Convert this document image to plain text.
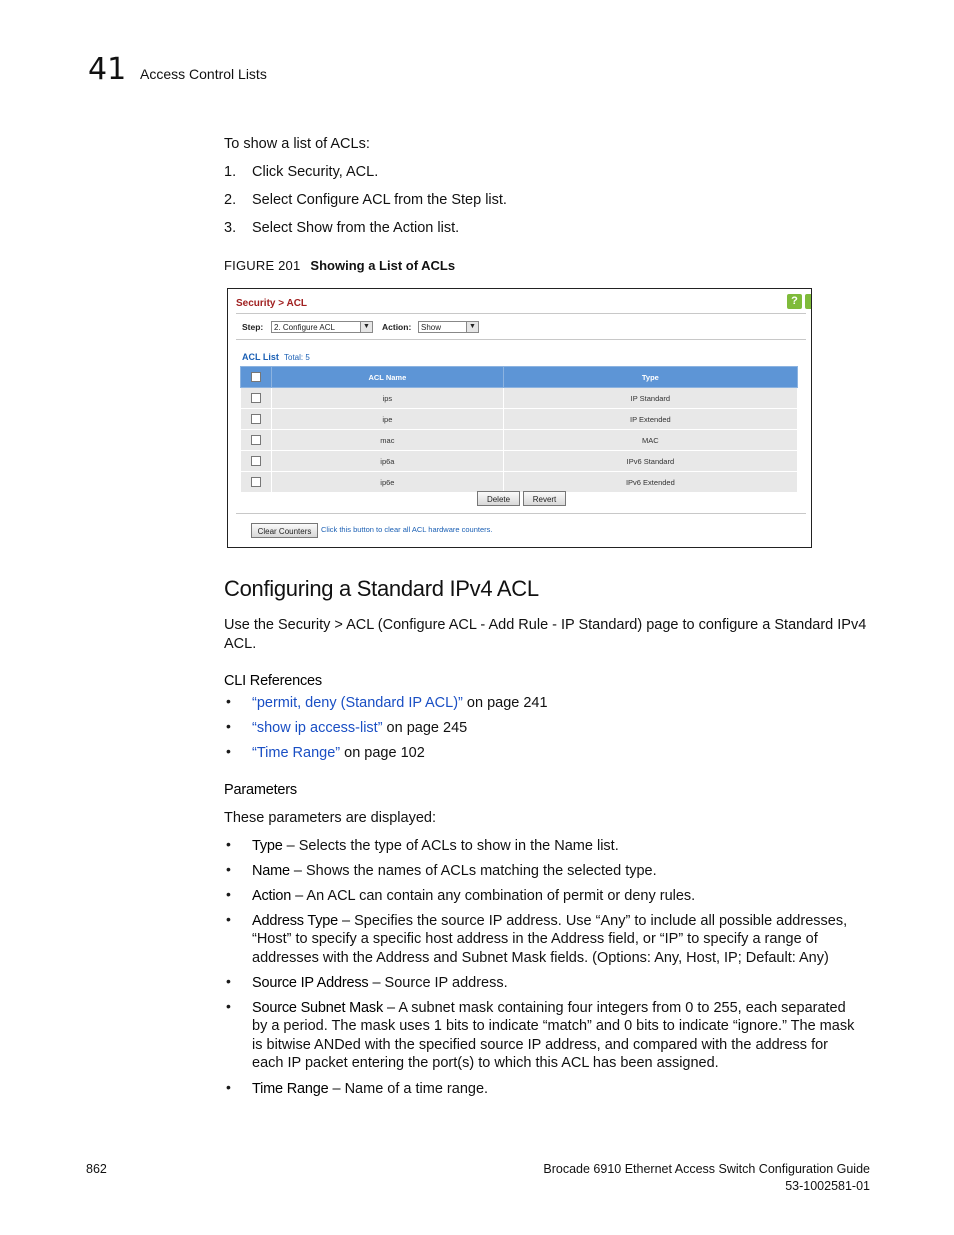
41 Access Control Lists
To show a list of ACLs:
1. Click Security, ACL.
2. Select Configure ACL from the Step list.
3. Select Show from the Action list.
FIGURE 201 Showing a List of ACLs
Security > ACL	?
Step:	2. Configure ACL	▼ Action:	Show	▼
ACL List Total: 5
	ACL Name	Type
	ips	IP Standard
	ipe	IP Extended
	mac	MAC
	ip6a	IPv6 Standard
	ip6e	IPv6 Extended
Delete	Revert
Clear Counters	Click this button to clear all ACL hardware counters.
Configuring a Standard IPv4 ACL
Use the Security > ACL (Configure ACL - Add Rule - IP Standard) page to configure a Standard IPv4
ACL.
CLI References
• “permit, deny (Standard IP ACL)” on page 241
• “show ip access-list” on page 245
• “Time Range” on page 102
Parameters
These parameters are displayed:
• Type – Selects the type of ACLs to show in the Name list.
• Name – Shows the names of ACLs matching the selected type.
• Action – An ACL can contain any combination of permit or deny rules.
• Address Type – Specifies the source IP address. Use “Any” to include all possible addresses,
“Host” to specify a specific host address in the Address field, or “IP” to specify a range of
addresses with the Address and Subnet Mask fields. (Options: Any, Host, IP; Default: Any)
• Source IP Address – Source IP address.
• Source Subnet Mask – A subnet mask containing four integers from 0 to 255, each separated
by a period. The mask uses 1 bits to indicate “match” and 0 bits to indicate “ignore.” The mask
is bitwise ANDed with the specified source IP address, and compared with the address for
each IP packet entering the port(s) to which this ACL has been assigned.
• Time Range – Name of a time range.
862	Brocade 6910 Ethernet Access Switch Configuration Guide
53-1002581-01
